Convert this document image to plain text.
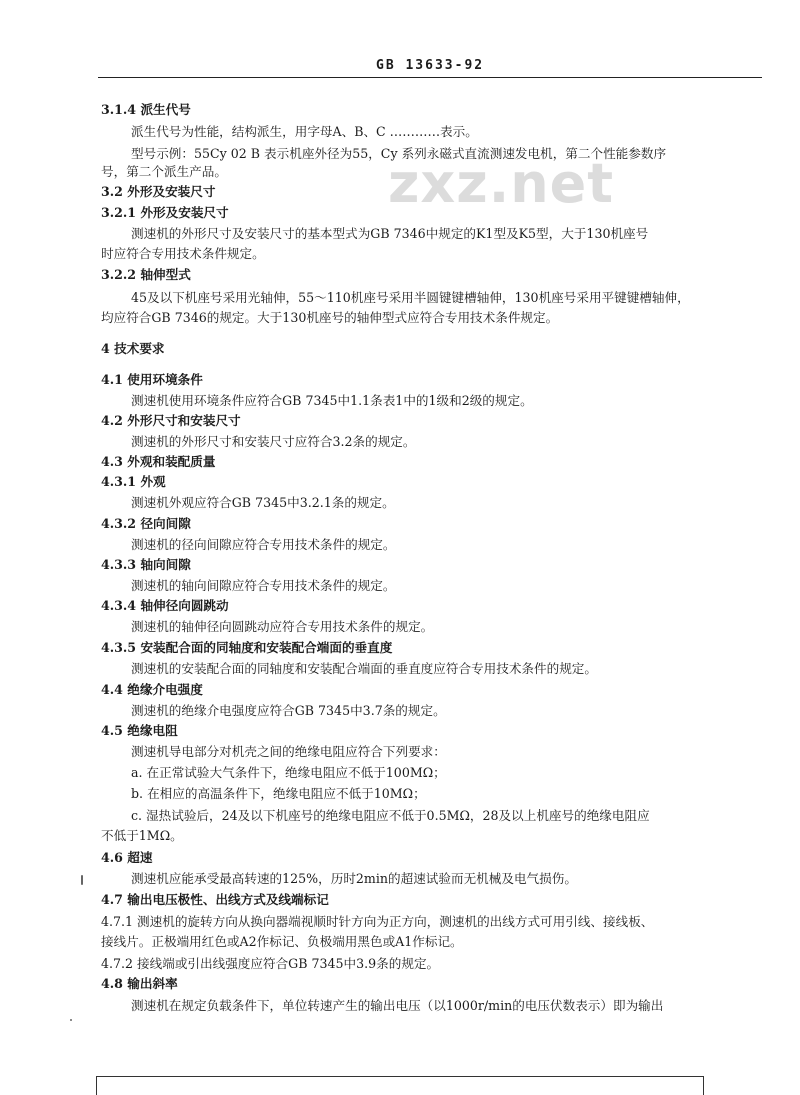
GB 13633-92
zxz.net
3.1.4 派生代号
派生代号为性能，结构派生，用字母A、B、C …………表示。
型号示例：55Cy 02 B 表示机座外径为55，Cy 系列永磁式直流测速发电机，第二个性能参数序
号，第二个派生产品。
3.2 外形及安装尺寸
3.2.1 外形及安装尺寸
测速机的外形尺寸及安装尺寸的基本型式为GB 7346中规定的K1型及K5型，大于130机座号
时应符合专用技术条件规定。
3.2.2 轴伸型式
45及以下机座号采用光轴伸，55～110机座号采用半圆键键槽轴伸，130机座号采用平键键槽轴伸，
均应符合GB 7346的规定。大于130机座号的轴伸型式应符合专用技术条件规定。
4 技术要求
4.1 使用环境条件
测速机使用环境条件应符合GB 7345中1.1条表1中的1级和2级的规定。
4.2 外形尺寸和安装尺寸
测速机的外形尺寸和安装尺寸应符合3.2条的规定。
4.3 外观和装配质量
4.3.1 外观
测速机外观应符合GB 7345中3.2.1条的规定。
4.3.2 径向间隙
测速机的径向间隙应符合专用技术条件的规定。
4.3.3 轴向间隙
测速机的轴向间隙应符合专用技术条件的规定。
4.3.4 轴伸径向圆跳动
测速机的轴伸径向圆跳动应符合专用技术条件的规定。
4.3.5 安装配合面的同轴度和安装配合端面的垂直度
测速机的安装配合面的同轴度和安装配合端面的垂直度应符合专用技术条件的规定。
4.4 绝缘介电强度
测速机的绝缘介电强度应符合GB 7345中3.7条的规定。
4.5 绝缘电阻
测速机导电部分对机壳之间的绝缘电阻应符合下列要求：
a. 在正常试验大气条件下，绝缘电阻应不低于100MΩ；
b. 在相应的高温条件下，绝缘电阻应不低于10MΩ；
c. 湿热试验后，24及以下机座号的绝缘电阻应不低于0.5MΩ，28及以上机座号的绝缘电阻应
不低于1MΩ。
4.6 超速
测速机应能承受最高转速的125%，历时2min的超速试验而无机械及电气损伤。
4.7 输出电压极性、出线方式及线端标记
4.7.1 测速机的旋转方向从换向器端视顺时针方向为正方向，测速机的出线方式可用引线、接线板、
接线片。正极端用红色或A2作标记、负极端用黑色或A1作标记。
4.7.2 接线端或引出线强度应符合GB 7345中3.9条的规定。
4.8 输出斜率
测速机在规定负载条件下，单位转速产生的输出电压（以1000r/min的电压伏数表示）即为输出
